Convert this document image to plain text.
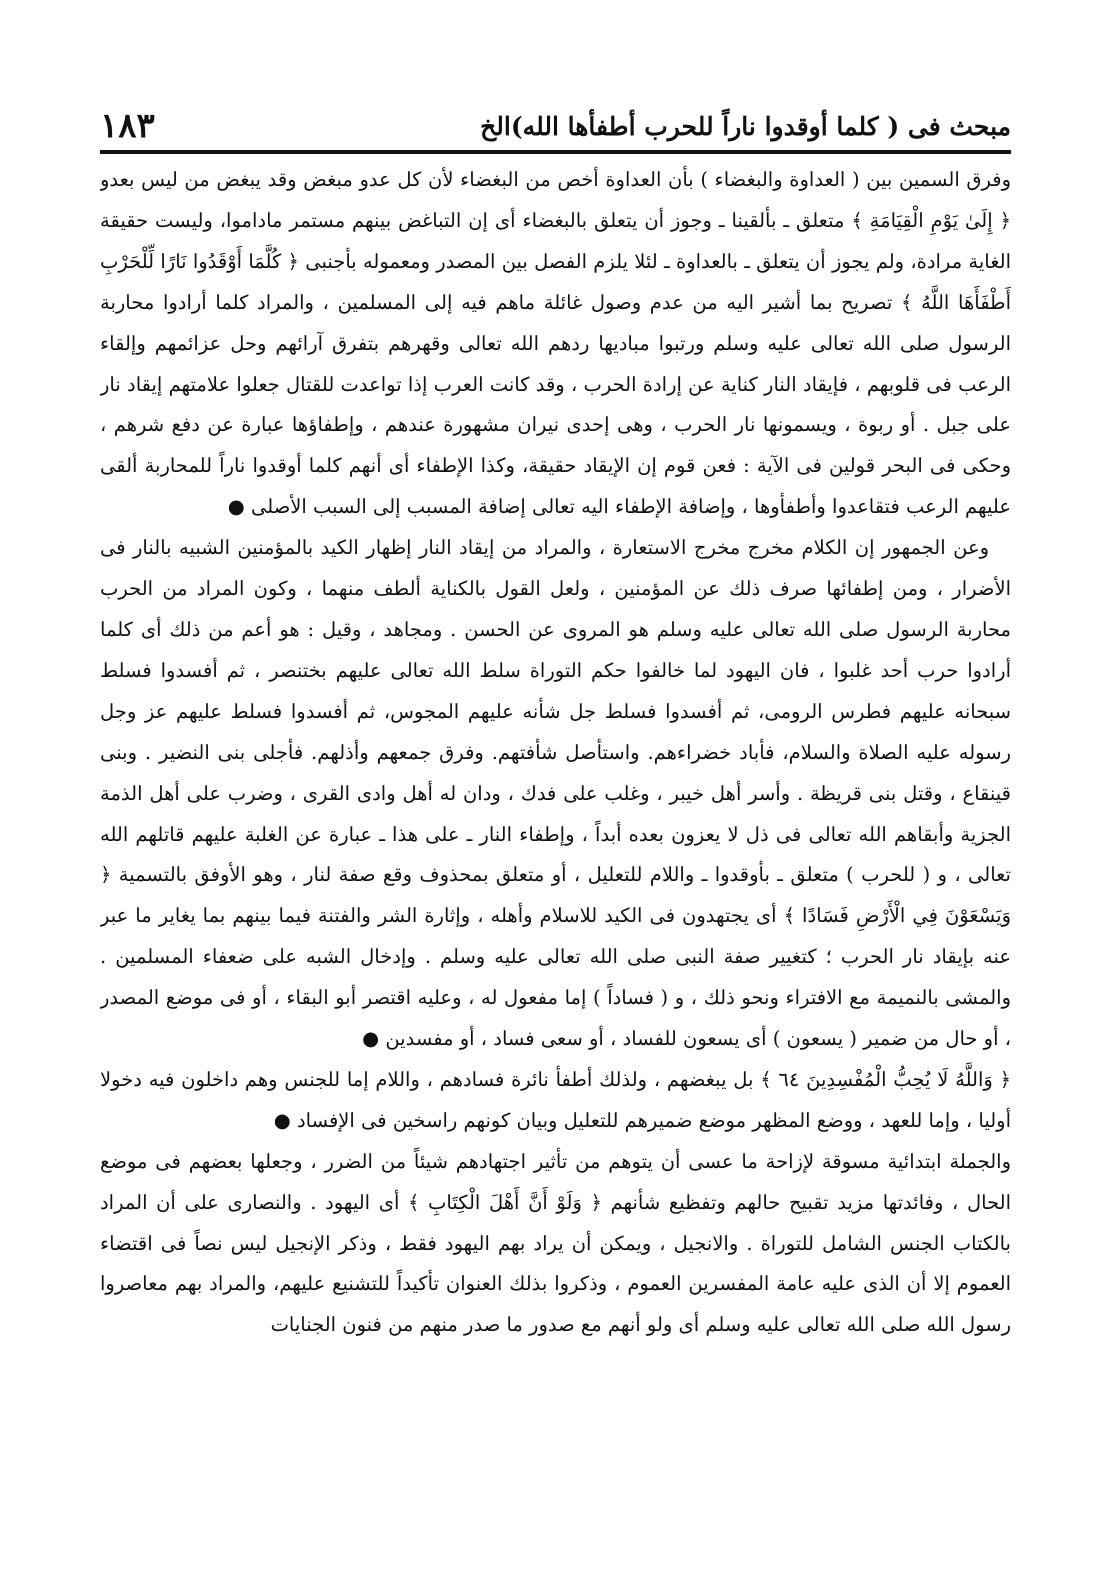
مبحث فى ( كلما أوقدوا ناراً للحرب أطفأها الله)الخ
١٨٣

وفرق السمين بين ( العداوة والبغضاء ) بأن العداوة أخص من البغضاء لأن كل عدو مبغض وقد يبغض من ليس بعدو ﴿ إِلَىٰ يَوْمِ الْقِيَامَةِ ﴾ متعلق ـ بألقينا ـ وجوز أن يتعلق بالبغضاء أى إن التباغض بينهم مستمر ماداموا، وليست حقيقة الغاية مرادة، ولم يجوز أن يتعلق ـ بالعداوة ـ لئلا يلزم الفصل بين المصدر ومعموله بأجنبى ﴿ كُلَّمَا أَوْقَدُوا نَارًا لِّلْحَرْبِ أَطْفَأَهَا اللَّهُ ﴾ تصريح بما أشير اليه من عدم وصول غائلة ماهم فيه إلى المسلمين ، والمراد كلما أرادوا محاربة الرسول صلى الله تعالى عليه وسلم ورتبوا مباديها ردهم الله تعالى وقهرهم بتفرق آرائهم وحل عزائمهم وإلقاء الرعب فى قلوبهم ، فإيقاد النار كناية عن إرادة الحرب ، وقد كانت العرب إذا تواعدت للقتال جعلوا علامتهم إيقاد نار على جبل . أو ربوة ، ويسمونها نار الحرب ، وهى إحدى نيران مشهورة عندهم ، وإطفاؤها عبارة عن دفع شرهم ، وحكى فى البحر قولين فى الآية : فعن قوم إن الإيقاد حقيقة، وكذا الإطفاء أى أنهم كلما أوقدوا ناراً للمحاربة ألقى عليهم الرعب فتقاعدوا وأطفأوها ، وإضافة الإطفاء اليه تعالى إضافة المسبب إلى السبب الأصلى ●

وعن الجمهور إن الكلام مخرج مخرج الاستعارة ، والمراد من إيقاد النار إظهار الكيد بالمؤمنين الشبيه بالنار فى الأضرار ، ومن إطفائها صرف ذلك عن المؤمنين ، ولعل القول بالكناية ألطف منهما ، وكون المراد من الحرب محاربة الرسول صلى الله تعالى عليه وسلم هو المروى عن الحسن . ومجاهد ، وقيل : هو أعم من ذلك أى كلما أرادوا حرب أحد غلبوا ، فان اليهود لما خالفوا حكم التوراة سلط الله تعالى عليهم بختنصر ، ثم أفسدوا فسلط سبحانه عليهم فطرس الرومى، ثم أفسدوا فسلط جل شأنه عليهم المجوس، ثم أفسدوا فسلط عليهم عز وجل رسوله عليه الصلاة والسلام، فأباد خضراءهم. واستأصل شأفتهم. وفرق جمعهم وأذلهم. فأجلى بنى النضير . وبنى قينقاع ، وقتل بنى قريظة . وأسر أهل خيبر ، وغلب على فدك ، ودان له أهل وادى القرى ، وضرب على أهل الذمة الجزية وأبقاهم الله تعالى فى ذل لا يعزون بعده أبداً ، وإطفاء النار ـ على هذا ـ عبارة عن الغلبة عليهم قاتلهم الله تعالى ، و ( للحرب ) متعلق ـ بأوقدوا ـ واللام للتعليل ، أو متعلق بمحذوف وقع صفة لنار ، وهو الأوفق بالتسمية ﴿ وَيَسْعَوْنَ فِي الْأَرْضِ فَسَادًا ﴾ أى يجتهدون فى الكيد للاسلام وأهله ، وإثارة الشر والفتنة فيما بينهم بما يغاير ما عبر عنه بإيقاد نار الحرب ؛ كتغيير صفة النبى صلى الله تعالى عليه وسلم . وإدخال الشبه على ضعفاء المسلمين . والمشى بالنميمة مع الافتراء ونحو ذلك ، و ( فساداً ) إما مفعول له ، وعليه اقتصر أبو البقاء ، أو فى موضع المصدر ، أو حال من ضمير ( يسعون ) أى يسعون للفساد ، أو سعى فساد ، أو مفسدين ●

﴿ وَاللَّهُ لَا يُحِبُّ الْمُفْسِدِينَ ٦٤ ﴾ بل يبغضهم ، ولذلك أطفأ نائرة فسادهم ، واللام إما للجنس وهم داخلون فيه دخولا أوليا ، وإما للعهد ، ووضع المظهر موضع ضميرهم للتعليل وبيان كونهم راسخين فى الإفساد ●

والجملة ابتدائية مسوقة لإزاحة ما عسى أن يتوهم من تأثير اجتهادهم شيئاً من الضرر ، وجعلها بعضهم فى موضع الحال ، وفائدتها مزيد تقبيح حالهم وتفظيع شأنهم ﴿ وَلَوْ أَنَّ أَهْلَ الْكِتَابِ ﴾ أى اليهود . والنصارى على أن المراد بالكتاب الجنس الشامل للتوراة . والانجيل ، ويمكن أن يراد بهم اليهود فقط ، وذكر الإنجيل ليس نصاً فى اقتضاء العموم إلا أن الذى عليه عامة المفسرين العموم ، وذكروا بذلك العنوان تأكيداً للتشنيع عليهم، والمراد بهم معاصروا رسول الله صلى الله تعالى عليه وسلم أى ولو أنهم مع صدور ما صدر منهم من فنون الجنايات
